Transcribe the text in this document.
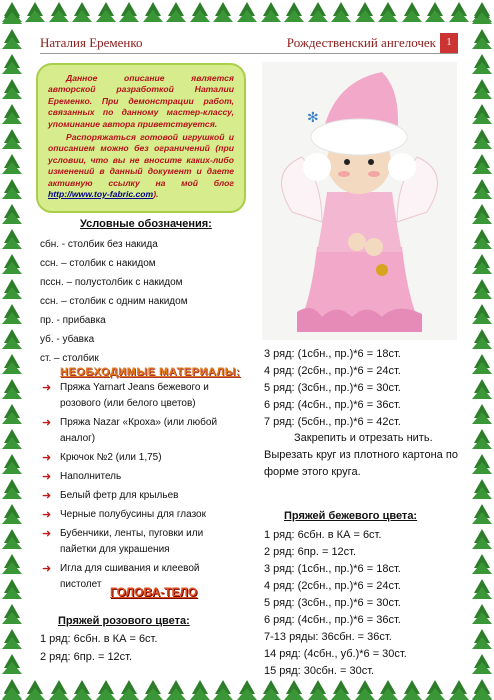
Наталия Еременко	Рождественский ангелочек	1

Данное описание является авторской разработкой Наталии Еременко. При демонстрации работ, связанных по данному мастер-классу, упоминание автора приветствуется.

Распоряжаться готовой игрушкой и описанием можно без ограничений (при условии, что вы не вносите каких-либо изменений в данный документ и даете активную ссылку на мой блог http://www.toy-fabric.com).

Условные обозначения:
сбн. - столбик без накида
ссн. – столбик с накидом
пссн. – полустолбик с накидом
ссн. – столбик с одним накидом
пр. - прибавка
уб. - убавка
ст. – столбик
НЕОБХОДИМЫЕ МАТЕРИАЛЫ:
➜ Пряжа Yarnart Jeans бежевого и розового (или белого цветов)
➜ Пряжа Nazar «Кроха» (или любой аналог)
➜ Крючок №2 (или 1,75)
➜ Наполнитель
➜ Белый фетр для крыльев
➜ Черные полубусины для глазок
➜ Бубенчики, ленты, пуговки или пайетки для украшения
➜ Игла для сшивания и клеевой пистолет
ГОЛОВА-ТЕЛО
Пряжей розового цвета:
1 ряд: 6сбн. в КА = 6ст.
2 ряд: 6пр. = 12ст.
✻
3 ряд: (1сбн., пр.)*6 = 18ст.
4 ряд: (2сбн., пр.)*6 = 24ст.
5 ряд: (3сбн., пр.)*6 = 30ст.
6 ряд: (4сбн., пр.)*6 = 36ст.
7 ряд: (5сбн., пр.)*6 = 42ст.
Закрепить и отрезать нить.
Вырезать круг из плотного картона по форме этого круга.
Пряжей бежевого цвета:
1 ряд: 6сбн. в КА = 6ст.
2 ряд: 6пр. = 12ст.
3 ряд: (1сбн., пр.)*6 = 18ст.
4 ряд: (2сбн., пр.)*6 = 24ст.
5 ряд: (3сбн., пр.)*6 = 30ст.
6 ряд: (4сбн., пр.)*6 = 36ст.
7-13 ряды: 36сбн. = 36ст.
14 ряд: (4сбн., уб.)*6 = 30ст.
15 ряд: 30сбн. = 30ст.
